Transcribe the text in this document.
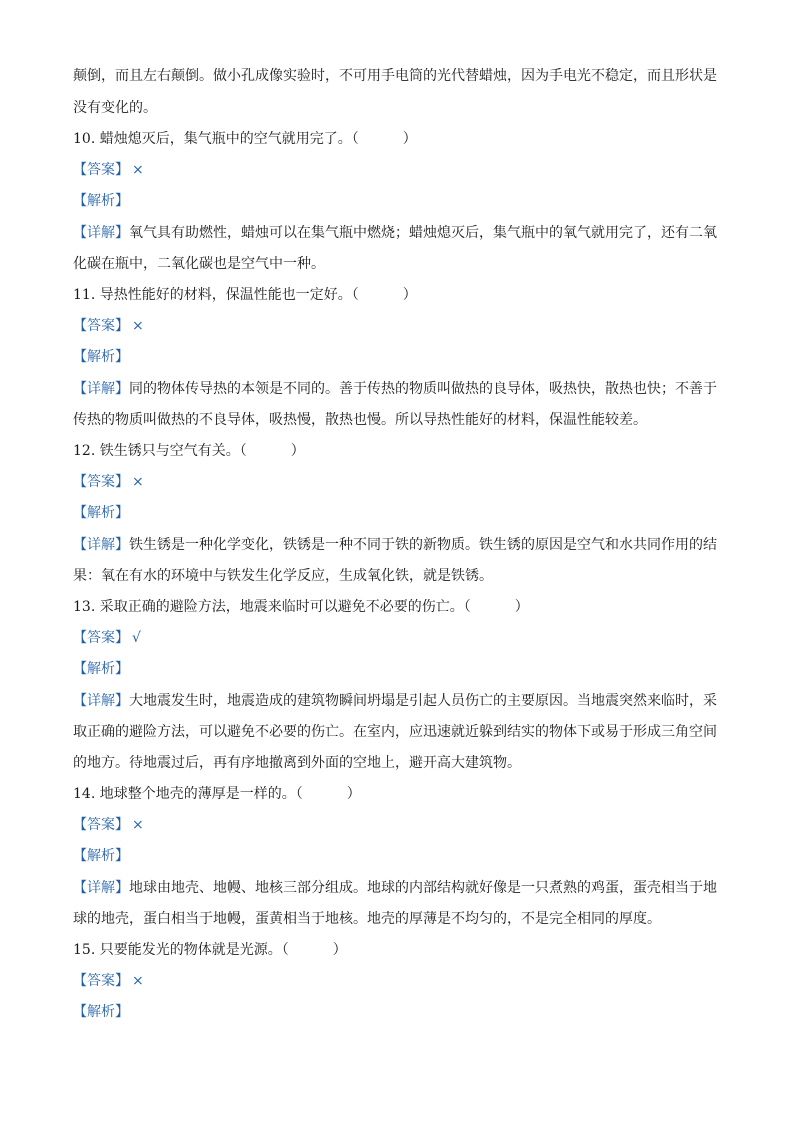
颠倒，而且左右颠倒。做小孔成像实验时，不可用手电筒的光代替蜡烛，因为手电光不稳定，而且形状是
没有变化的。
10. 蜡烛熄灭后，集气瓶中的空气就用完了。（	）
【答案】 ×
【解析】
【详解】氧气具有助燃性，蜡烛可以在集气瓶中燃烧；蜡烛熄灭后，集气瓶中的氧气就用完了，还有二氧
化碳在瓶中，二氧化碳也是空气中一种。
11. 导热性能好的材料，保温性能也一定好。（	）
【答案】 ×
【解析】
【详解】同的物体传导热的本领是不同的。善于传热的物质叫做热的良导体，吸热快，散热也快；不善于
传热的物质叫做热的不良导体，吸热慢，散热也慢。所以导热性能好的材料，保温性能较差。
12. 铁生锈只与空气有关。（	）
【答案】 ×
【解析】
【详解】铁生锈是一种化学变化，铁锈是一种不同于铁的新物质。铁生锈的原因是空气和水共同作用的结
果：氧在有水的环境中与铁发生化学反应，生成氧化铁，就是铁锈。
13. 采取正确的避险方法，地震来临时可以避免不必要的伤亡。（	）
【答案】 √
【解析】
【详解】大地震发生时，地震造成的建筑物瞬间坍塌是引起人员伤亡的主要原因。当地震突然来临时，采
取正确的避险方法，可以避免不必要的伤亡。在室内，应迅速就近躲到结实的物体下或易于形成三角空间
的地方。待地震过后，再有序地撤离到外面的空地上，避开高大建筑物。
14. 地球整个地壳的薄厚是一样的。（	）
【答案】 ×
【解析】
【详解】地球由地壳、地幔、地核三部分组成。地球的内部结构就好像是一只煮熟的鸡蛋，蛋壳相当于地
球的地壳，蛋白相当于地幔，蛋黄相当于地核。地壳的厚薄是不均匀的，不是完全相同的厚度。
15. 只要能发光的物体就是光源。（	）
【答案】 ×
【解析】
